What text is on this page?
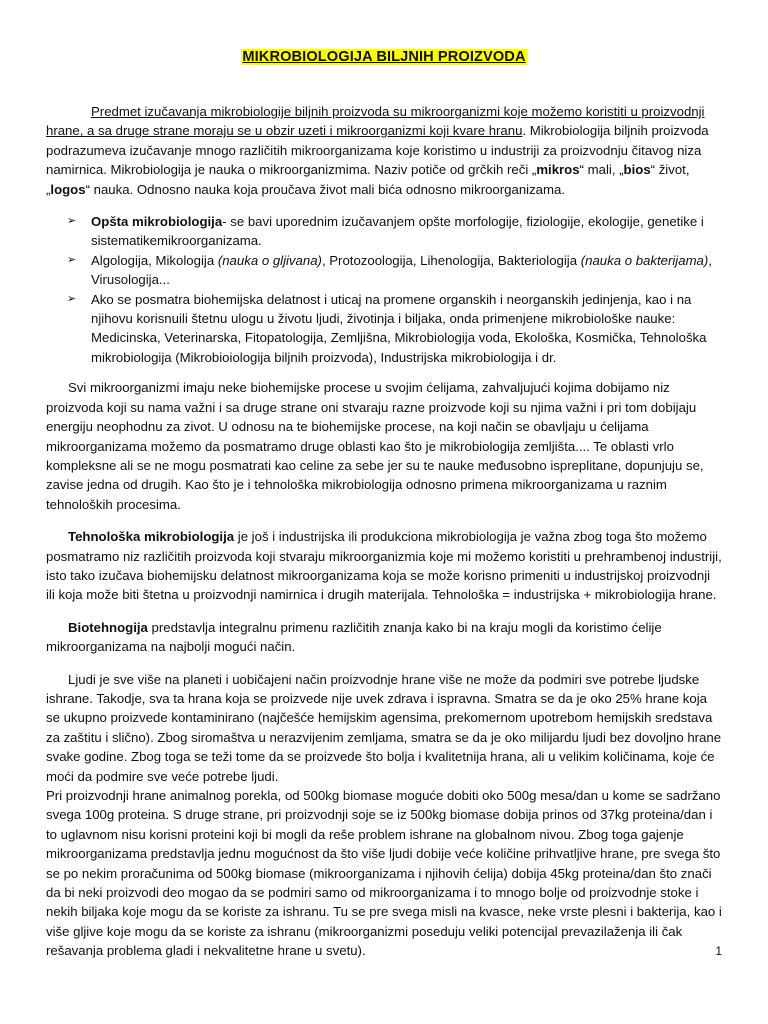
MIKROBIOLOGIJA BILJNIH PROIZVODA

Predmet izučavanja mikrobiologije biljnih proizvoda su mikroorganizmi koje možemo koristiti u proizvodnji hrane, a sa druge strane moraju se u obzir uzeti i mikroorganizmi koji kvare hranu. Mikrobiologija biljnih proizvoda podrazumeva izučavanje mnogo različitih mikroorganizama koje koristimo u industriji za proizvodnju čitavog niza namirnica. Mikrobiologija je nauka o mikroorganizmima. Naziv potiče od grčkih reči „mikros“ mali, „bios“ život, „logos“ nauka. Odnosno nauka koja proučava život mali bića odnosno mikroorganizama.

➢ Opšta mikrobiologija- se bavi uporednim izučavanjem opšte morfologije, fiziologije, ekologije, genetike i sistematikemikroorganizama.
➢ Algologija, Mikologija (nauka o gljivana), Protozoologija, Lihenologija, Bakteriologija (nauka o bakterijama), Virusologija...
➢ Ako se posmatra biohemijska delatnost i uticaj na promene organskih i neorganskih jedinjenja, kao i na njihovu korisnuili štetnu ulogu u životu ljudi, životinja i biljaka, onda primenjene mikrobiološke nauke: Medicinska, Veterinarska, Fitopatologija, Zemljišna, Mikrobiologija voda, Ekološka, Kosmička, Tehnološka mikrobiologija (Mikrobioiologija biljnih proizvoda), Industrijska mikrobiologija i dr.

Svi mikroorganizmi imaju neke biohemijske procese u svojim ćelijama, zahvaljujući kojima dobijamo niz proizvoda koji su nama važni i sa druge strane oni stvaraju razne proizvode koji su njima važni i pri tom dobijaju energiju neophodnu za zivot. U odnosu na te biohemijske procese, na koji način se obavljaju u ćelijama mikroorganizama možemo da posmatramo druge oblasti kao što je mikrobiologija zemljišta.... Te oblasti vrlo kompleksne ali se ne mogu posmatrati kao celine za sebe jer su te nauke međusobno ispreplitane, dopunjuju se, zavise jedna od drugih. Kao što je i tehnološka mikrobiologija odnosno primena mikroorganizama u raznim tehnoloških procesima.

Tehnološka mikrobiologija je još i industrijska ili produkciona mikrobiologija je važna zbog toga što možemo posmatramo niz različitih proizvoda koji stvaraju mikroorganizmia koje mi možemo koristiti u prehrambenoj industriji, isto tako izučava biohemijsku delatnost mikroorganizama koja se može korisno primeniti u industrijskoj proizvodnji ili koja može biti štetna u proizvodnji namirnica i drugih materijala. Tehnološka = industrijska + mikrobiologija hrane.

Biotehnogija predstavlja integralnu primenu različitih znanja kako bi na kraju mogli da koristimo ćelije mikroorganizama na najbolji mogući način.

Ljudi je sve više na planeti i uobičajeni način proizvodnje hrane više ne može da podmiri sve potrebe ljudske ishrane. Takodje, sva ta hrana koja se proizvede nije uvek zdrava i ispravna. Smatra se da je oko 25% hrane koja se ukupno proizvede kontaminirano (najčešće hemijskim agensima, prekomernom upotrebom hemijskih sredstava za zaštitu i slično). Zbog siromaštva u nerazvijenim zemljama, smatra se da je oko milijardu ljudi bez dovoljno hrane svake godine. Zbog toga se teži tome da se proizvede što bolja i kvalitetnija hrana, ali u velikim količinama, koje će moći da podmire sve veće potrebe ljudi.

Pri proizvodnji hrane animalnog porekla, od 500kg biomase moguće dobiti oko 500g mesa/dan u kome se sadržano svega 100g proteina. S druge strane, pri proizvodnji soje se iz 500kg biomase dobija prinos od 37kg proteina/dan i to uglavnom nisu korisni proteini koji bi mogli da reše problem ishrane na globalnom nivou. Zbog toga gajenje mikroorganizama predstavlja jednu mogućnost da što više ljudi dobije veće količine prihvatljive hrane, pre svega što se po nekim proračunima od 500kg biomase (mikroorganizama i njihovih ćelija) dobija 45kg proteina/dan što znači da bi neki proizvodi deo mogao da se podmiri samo od mikroorganizama i to mnogo bolje od proizvodnje stoke i nekih biljaka koje mogu da se koriste za ishranu. Tu se pre svega misli na kvasce, neke vrste plesni i bakterija, kao i više gljive koje mogu da se koriste za ishranu (mikroorganizmi poseduju veliki potencijal prevazilaženja ili čak rešavanja problema gladi i nekvalitetne hrane u svetu).	1
